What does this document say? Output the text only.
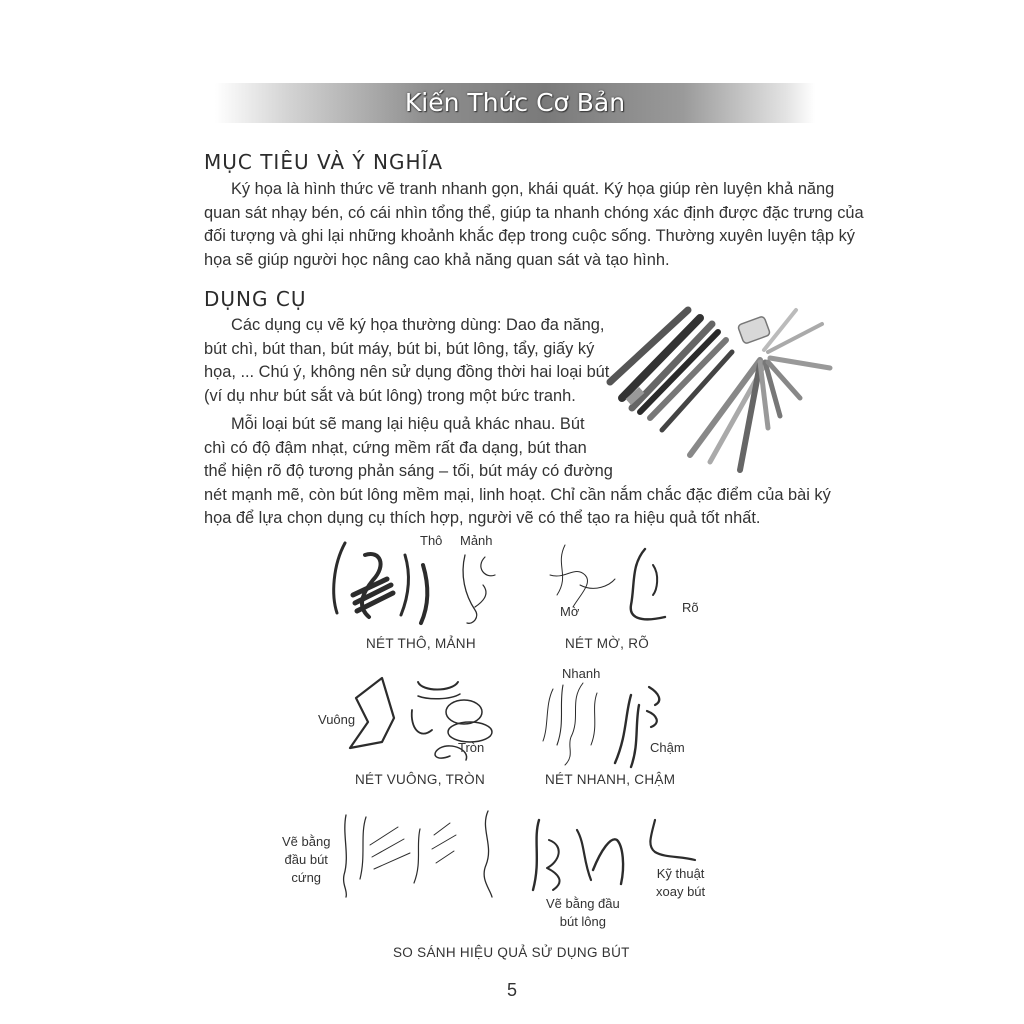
Kiến Thức Cơ Bản
MỤC TIÊU VÀ Ý NGHĨA

Ký họa là hình thức vẽ tranh nhanh gọn, khái quát. Ký họa giúp rèn luyện khả năng
quan sát nhạy bén, có cái nhìn tổng thể, giúp ta nhanh chóng xác định được đặc trưng của
đối tượng và ghi lại những khoảnh khắc đẹp trong cuộc sống. Thường xuyên luyện tập ký
họa sẽ giúp người học nâng cao khả năng quan sát và tạo hình.

DỤNG CỤ

Các dụng cụ vẽ ký họa thường dùng: Dao đa năng,
bút chì, bút than, bút máy, bút bi, bút lông, tẩy, giấy ký
họa, ... Chú ý, không nên sử dụng đồng thời hai loại bút
(ví dụ như bút sắt và bút lông) trong một bức tranh.

Mỗi loại bút sẽ mang lại hiệu quả khác nhau. Bút
chì có độ đậm nhạt, cứng mềm rất đa dạng, bút than
thể hiện rõ độ tương phản sáng – tối, bút máy có đường
nét mạnh mẽ, còn bút lông mềm mại, linh hoạt. Chỉ cần nắm chắc đặc điểm của bài ký
họa để lựa chọn dụng cụ thích hợp, người vẽ có thể tạo ra hiệu quả tốt nhất.

Thô Mảnh
NÉT THÔ, MẢNH
Mờ	Rõ
NÉT MỜ, RÕ
Vuông
Tròn
NÉT VUÔNG, TRÒN
Nhanh
Chậm
NÉT NHANH, CHẬM
Vẽ bằng
đầu bút
cứng
Vẽ bằng đầu
bút lông
Kỹ thuật
xoay bút
SO SÁNH HIỆU QUẢ SỬ DỤNG BÚT
5
